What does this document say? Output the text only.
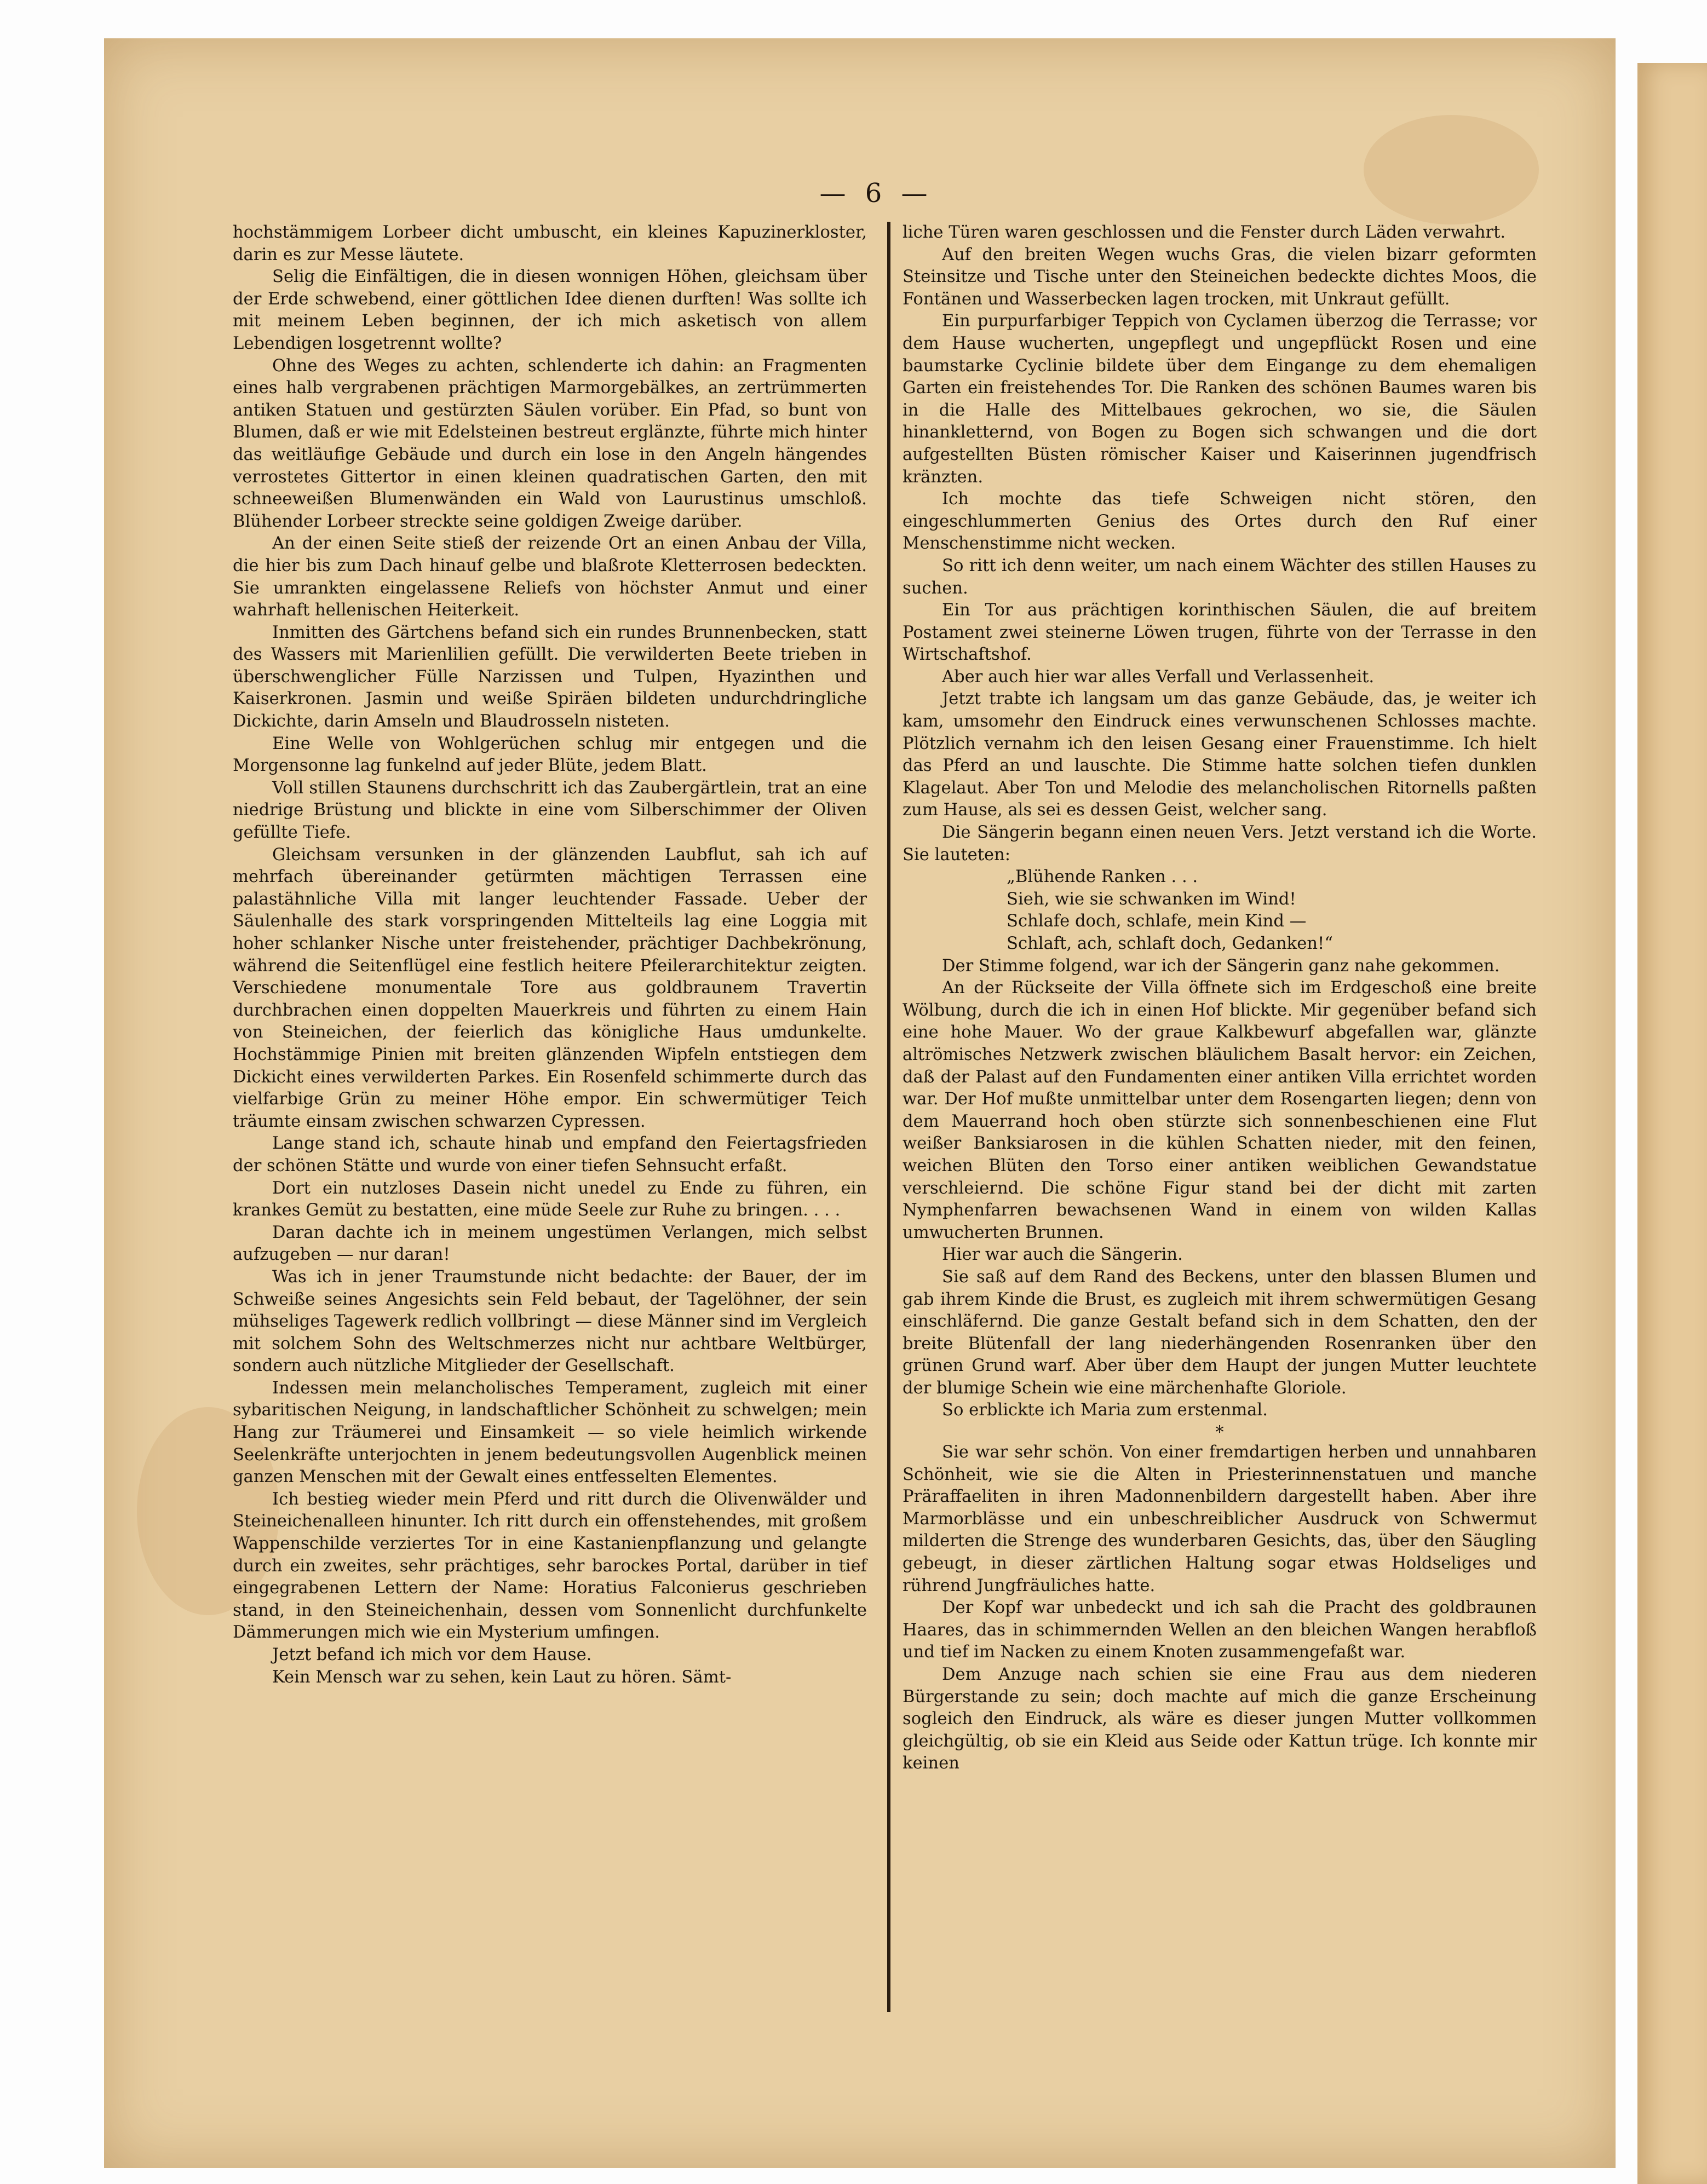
— 6 —

hochstämmigem Lorbeer dicht umbuscht, ein kleines Kapuzinerkloster, darin es zur Messe läutete.

Selig die Einfältigen, die in diesen wonnigen Höhen, gleichsam über der Erde schwebend, einer göttlichen Idee dienen durften! Was sollte ich mit meinem Leben beginnen, der ich mich asketisch von allem Lebendigen losgetrennt wollte?

Ohne des Weges zu achten, schlenderte ich dahin: an Fragmenten eines halb vergrabenen prächtigen Marmorgebälkes, an zertrümmerten antiken Statuen und gestürzten Säulen vorüber. Ein Pfad, so bunt von Blumen, daß er wie mit Edelsteinen bestreut erglänzte, führte mich hinter das weitläufige Gebäude und durch ein lose in den Angeln hängendes verrostetes Gittertor in einen kleinen quadratischen Garten, den mit schneeweißen Blumenwänden ein Wald von Laurustinus umschloß. Blühender Lorbeer streckte seine goldigen Zweige darüber.

An der einen Seite stieß der reizende Ort an einen Anbau der Villa, die hier bis zum Dach hinauf gelbe und blaßrote Kletterrosen bedeckten. Sie umrankten eingelassene Reliefs von höchster Anmut und einer wahrhaft hellenischen Heiterkeit.

Inmitten des Gärtchens befand sich ein rundes Brunnenbecken, statt des Wassers mit Marienlilien gefüllt. Die verwilderten Beete trieben in überschwenglicher Fülle Narzissen und Tulpen, Hyazinthen und Kaiserkronen. Jasmin und weiße Spiräen bildeten undurchdringliche Dickichte, darin Amseln und Blaudrosseln nisteten.

Eine Welle von Wohlgerüchen schlug mir entgegen und die Morgensonne lag funkelnd auf jeder Blüte, jedem Blatt.

Voll stillen Staunens durchschritt ich das Zaubergärtlein, trat an eine niedrige Brüstung und blickte in eine vom Silberschimmer der Oliven gefüllte Tiefe.

Gleichsam versunken in der glänzenden Laubflut, sah ich auf mehrfach übereinander getürmten mächtigen Terrassen eine palastähnliche Villa mit langer leuchtender Fassade. Ueber der Säulenhalle des stark vorspringenden Mittelteils lag eine Loggia mit hoher schlanker Nische unter freistehender, prächtiger Dachbekrönung, während die Seitenflügel eine festlich heitere Pfeilerarchitektur zeigten. Verschiedene monumentale Tore aus goldbraunem Travertin durchbrachen einen doppelten Mauerkreis und führten zu einem Hain von Steineichen, der feierlich das königliche Haus umdunkelte. Hochstämmige Pinien mit breiten glänzenden Wipfeln entstiegen dem Dickicht eines verwilderten Parkes. Ein Rosenfeld schimmerte durch das vielfarbige Grün zu meiner Höhe empor. Ein schwermütiger Teich träumte einsam zwischen schwarzen Cypressen.

Lange stand ich, schaute hinab und empfand den Feiertagsfrieden der schönen Stätte und wurde von einer tiefen Sehnsucht erfaßt.

Dort ein nutzloses Dasein nicht unedel zu Ende zu führen, ein krankes Gemüt zu bestatten, eine müde Seele zur Ruhe zu bringen. . . .

Daran dachte ich in meinem ungestümen Verlangen, mich selbst aufzugeben — nur daran!

Was ich in jener Traumstunde nicht bedachte: der Bauer, der im Schweiße seines Angesichts sein Feld bebaut, der Tagelöhner, der sein mühseliges Tagewerk redlich vollbringt — diese Männer sind im Vergleich mit solchem Sohn des Weltschmerzes nicht nur achtbare Weltbürger, sondern auch nützliche Mitglieder der Gesellschaft.

Indessen mein melancholisches Temperament, zugleich mit einer sybaritischen Neigung, in landschaftlicher Schönheit zu schwelgen; mein Hang zur Träumerei und Einsamkeit — so viele heimlich wirkende Seelenkräfte unterjochten in jenem bedeutungsvollen Augenblick meinen ganzen Menschen mit der Gewalt eines entfesselten Elementes.

Ich bestieg wieder mein Pferd und ritt durch die Olivenwälder und Steineichenalleen hinunter. Ich ritt durch ein offenstehendes, mit großem Wappenschilde verziertes Tor in eine Kastanienpflanzung und gelangte durch ein zweites, sehr prächtiges, sehr barockes Portal, darüber in tief eingegrabenen Lettern der Name: Horatius Falconierus geschrieben stand, in den Steineichenhain, dessen vom Sonnenlicht durchfunkelte Dämmerungen mich wie ein Mysterium umfingen.

Jetzt befand ich mich vor dem Hause.

Kein Mensch war zu sehen, kein Laut zu hören. Sämt-

liche Türen waren geschlossen und die Fenster durch Läden verwahrt.

Auf den breiten Wegen wuchs Gras, die vielen bizarr geformten Steinsitze und Tische unter den Steineichen bedeckte dichtes Moos, die Fontänen und Wasserbecken lagen trocken, mit Unkraut gefüllt.

Ein purpurfarbiger Teppich von Cyclamen überzog die Terrasse; vor dem Hause wucherten, ungepflegt und ungepflückt Rosen und eine baumstarke Cyclinie bildete über dem Eingange zu dem ehemaligen Garten ein freistehendes Tor. Die Ranken des schönen Baumes waren bis in die Halle des Mittelbaues gekrochen, wo sie, die Säulen hinankletternd, von Bogen zu Bogen sich schwangen und die dort aufgestellten Büsten römischer Kaiser und Kaiserinnen jugendfrisch kränzten.

Ich mochte das tiefe Schweigen nicht stören, den eingeschlummerten Genius des Ortes durch den Ruf einer Menschenstimme nicht wecken.

So ritt ich denn weiter, um nach einem Wächter des stillen Hauses zu suchen.

Ein Tor aus prächtigen korinthischen Säulen, die auf breitem Postament zwei steinerne Löwen trugen, führte von der Terrasse in den Wirtschaftshof.

Aber auch hier war alles Verfall und Verlassenheit.

Jetzt trabte ich langsam um das ganze Gebäude, das, je weiter ich kam, umsomehr den Eindruck eines verwunschenen Schlosses machte. Plötzlich vernahm ich den leisen Gesang einer Frauenstimme. Ich hielt das Pferd an und lauschte. Die Stimme hatte solchen tiefen dunklen Klagelaut. Aber Ton und Melodie des melancholischen Ritornells paßten zum Hause, als sei es dessen Geist, welcher sang.

Die Sängerin begann einen neuen Vers. Jetzt verstand ich die Worte. Sie lauteten:

„Blühende Ranken . . .

Sieh, wie sie schwanken im Wind!

Schlafe doch, schlafe, mein Kind —

Schlaft, ach, schlaft doch, Gedanken!“

Der Stimme folgend, war ich der Sängerin ganz nahe gekommen.

An der Rückseite der Villa öffnete sich im Erdgeschoß eine breite Wölbung, durch die ich in einen Hof blickte. Mir gegenüber befand sich eine hohe Mauer. Wo der graue Kalkbewurf abgefallen war, glänzte altrömisches Netzwerk zwischen bläulichem Basalt hervor: ein Zeichen, daß der Palast auf den Fundamenten einer antiken Villa errichtet worden war. Der Hof mußte unmittelbar unter dem Rosengarten liegen; denn von dem Mauerrand hoch oben stürzte sich sonnenbeschienen eine Flut weißer Banksiarosen in die kühlen Schatten nieder, mit den feinen, weichen Blüten den Torso einer antiken weiblichen Gewandstatue verschleiernd. Die schöne Figur stand bei der dicht mit zarten Nymphenfarren bewachsenen Wand in einem von wilden Kallas umwucherten Brunnen.

Hier war auch die Sängerin.

Sie saß auf dem Rand des Beckens, unter den blassen Blumen und gab ihrem Kinde die Brust, es zugleich mit ihrem schwermütigen Gesang einschläfernd. Die ganze Gestalt befand sich in dem Schatten, den der breite Blütenfall der lang niederhängenden Rosenranken über den grünen Grund warf. Aber über dem Haupt der jungen Mutter leuchtete der blumige Schein wie eine märchenhafte Gloriole.

So erblickte ich Maria zum erstenmal.

*

Sie war sehr schön. Von einer fremdartigen herben und unnahbaren Schönheit, wie sie die Alten in Priesterinnenstatuen und manche Präraffaeliten in ihren Madonnenbildern dargestellt haben. Aber ihre Marmorblässe und ein unbeschreiblicher Ausdruck von Schwermut milderten die Strenge des wunderbaren Gesichts, das, über den Säugling gebeugt, in dieser zärtlichen Haltung sogar etwas Holdseliges und rührend Jungfräuliches hatte.

Der Kopf war unbedeckt und ich sah die Pracht des goldbraunen Haares, das in schimmernden Wellen an den bleichen Wangen herabfloß und tief im Nacken zu einem Knoten zusammengefaßt war.

Dem Anzuge nach schien sie eine Frau aus dem niederen Bürgerstande zu sein; doch machte auf mich die ganze Erscheinung sogleich den Eindruck, als wäre es dieser jungen Mutter vollkommen gleichgültig, ob sie ein Kleid aus Seide oder Kattun trüge. Ich konnte mir keinen
